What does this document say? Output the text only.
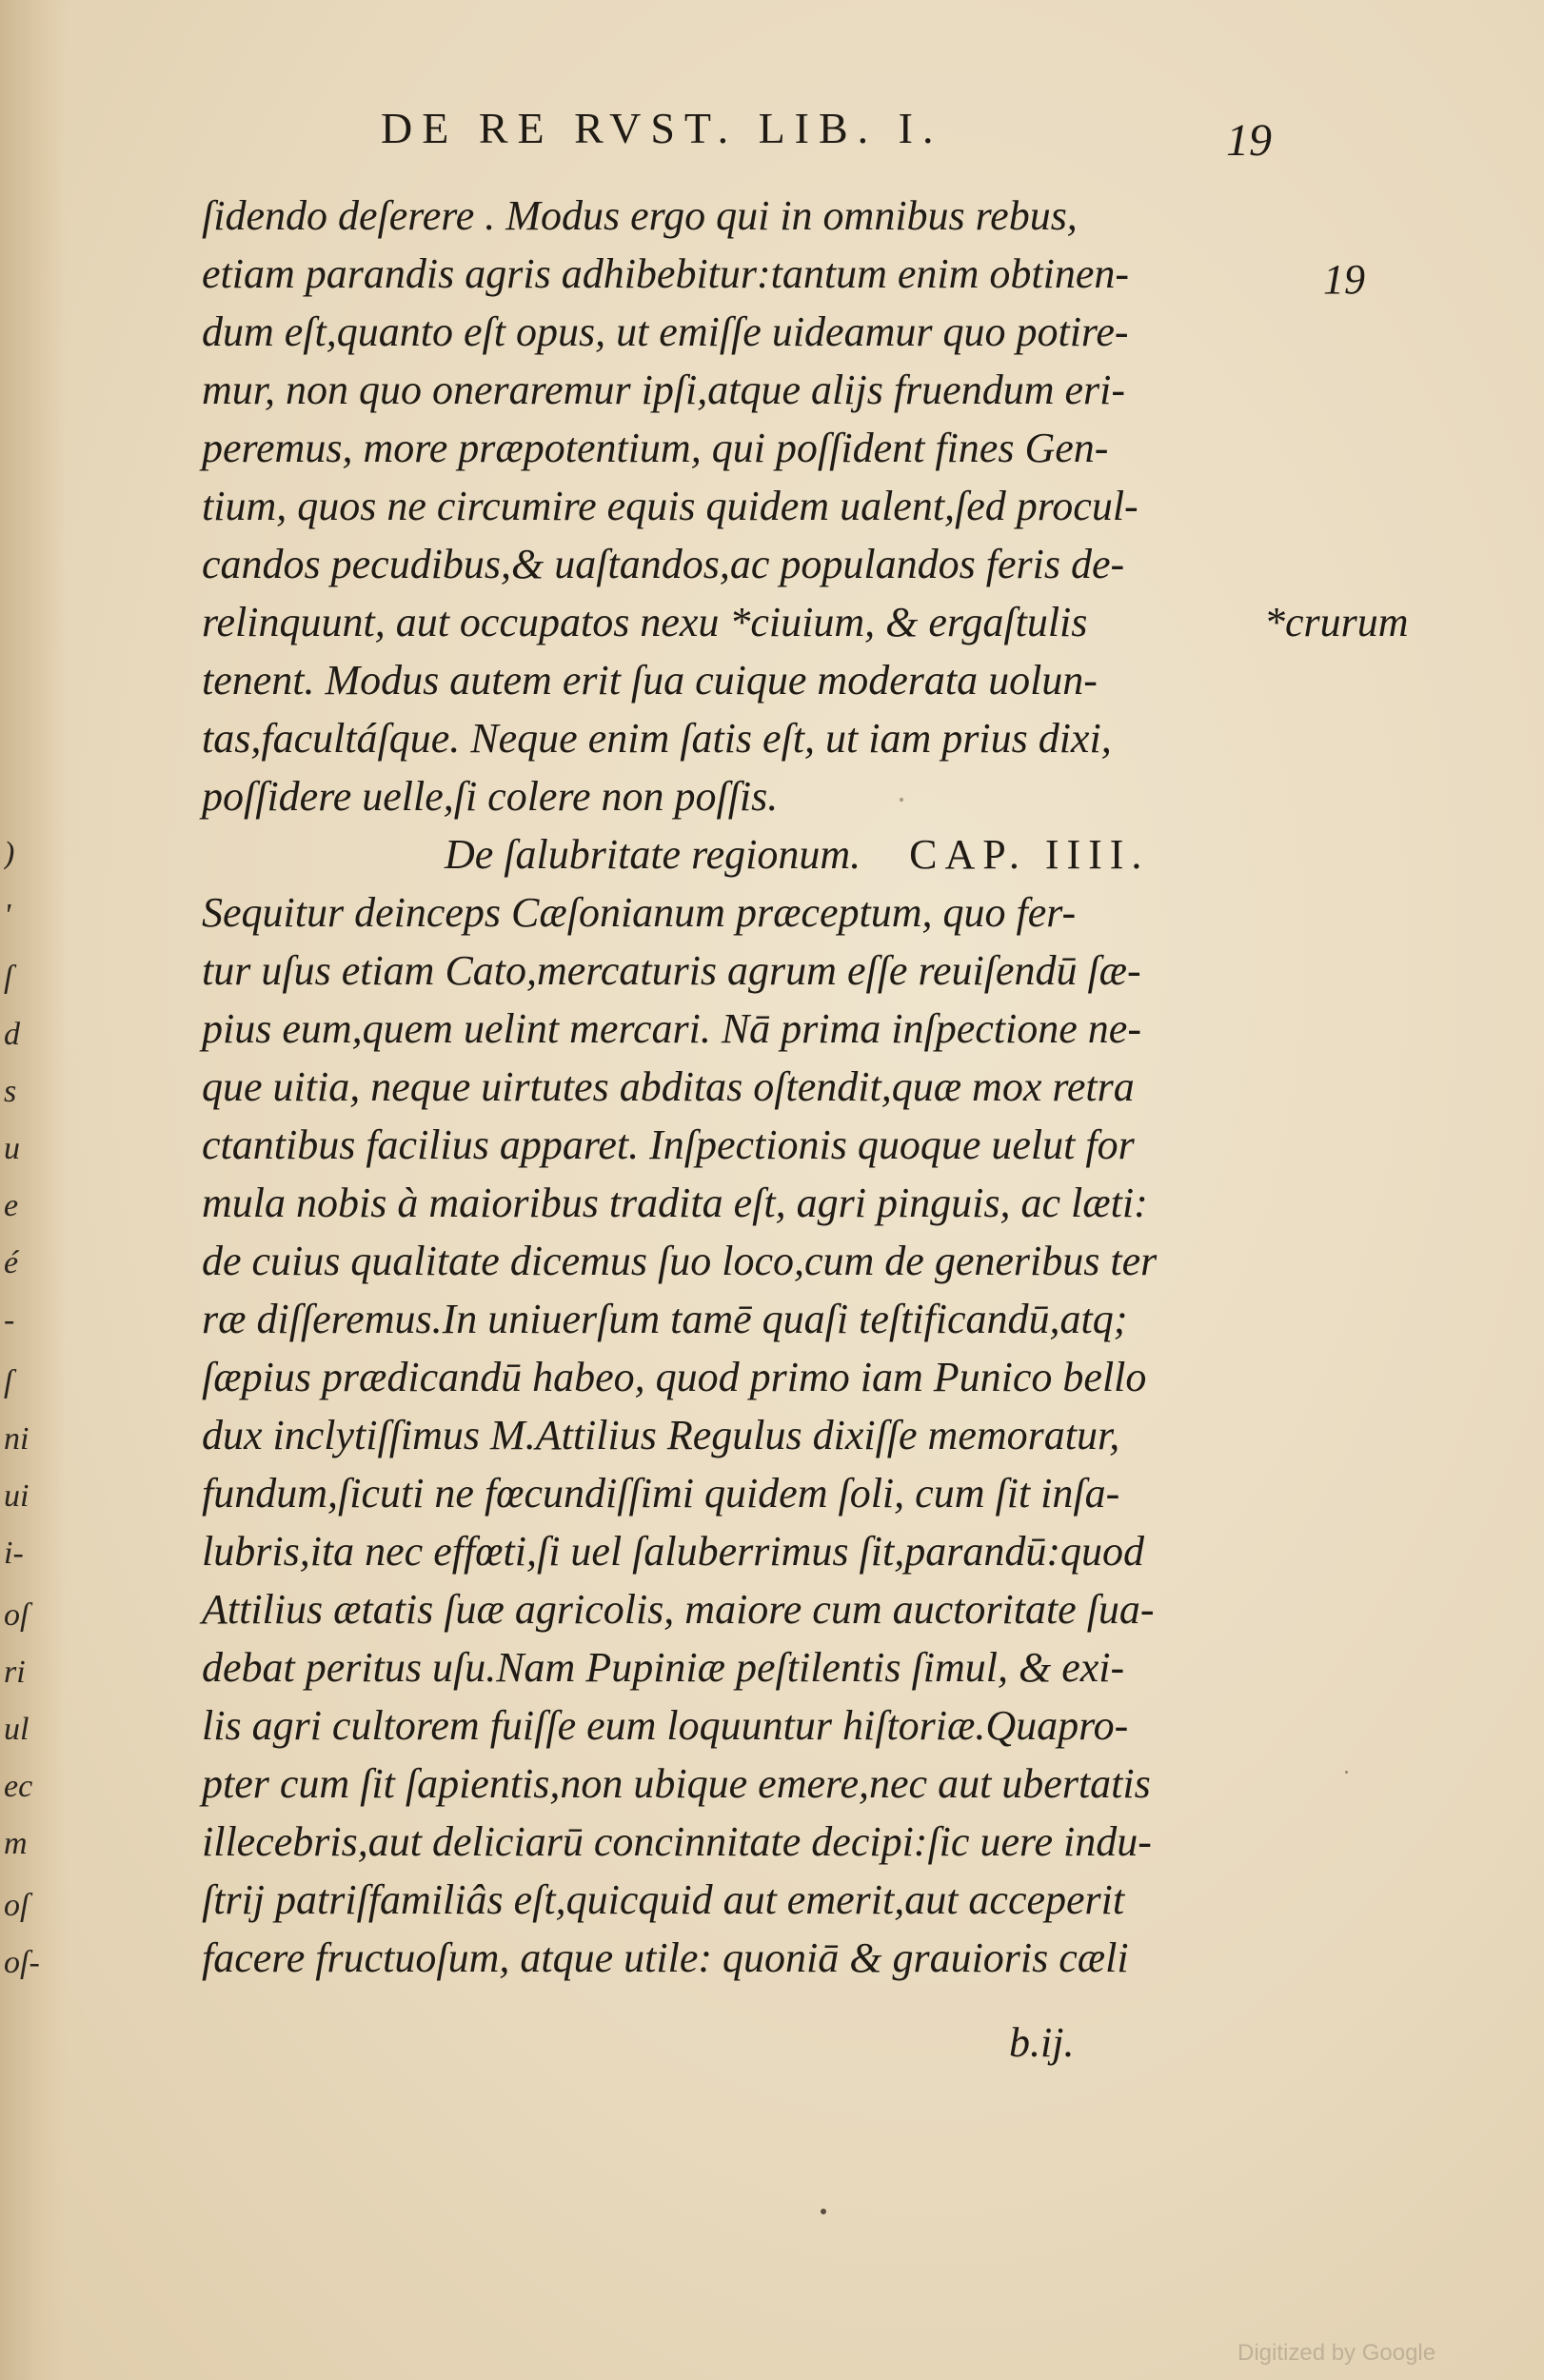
)
'
ſ
d
s
u
e
é
-
ſ
ni
ui
i-
oſ
ri
ul
ec
m
oſ
oſ-
DE RE RVST. LIB. I.	19
19
*crurum
ſidendo deſerere . Modus ergo qui in omnibus rebus,
etiam parandis agris adhibebitur:tantum enim obtinen-
dum eſt,quanto eſt opus, ut emiſſe uideamur quo potire-
mur, non quo oneraremur ipſi,atque aliјs fruendum eri-
peremus, more præpotentium, qui poſſident fines Gen-
tium, quos ne circumire equis quidem ualent,ſed procul-
candos pecudibus,& uaſtandos,ac populandos feris de-
relinquunt, aut occupatos nexu *ciuium, & ergaſtulis
tenent. Modus autem erit ſua cuique moderata uolun-
tas,facultáſque. Neque enim ſatis eſt, ut iam prius dixi,
poſſidere uelle,ſi colere non poſſis.
De ſalubritate regionum. CAP. IIII.
Sequitur deinceps Cæſonianum præceptum, quo fer-
tur uſus etiam Cato,mercaturis agrum eſſe reuiſendū ſæ-
pius eum,quem uelint mercari. Nā prima inſpectione ne-
que uitia, neque uirtutes abditas oſtendit,quæ mox retra
ctantibus facilius apparet. Inſpectionis quoque uelut for
mula nobis à maioribus tradita eſt, agri pinguis, ac læti:
de cuius qualitate dicemus ſuo loco,cum de generibus ter
ræ diſſeremus.In uniuerſum tamē quaſi teſtificandū,atq;
ſæpius prædicandū habeo, quod primo iam Punico bello
dux inclytiſſimus M.Attilius Regulus dixiſſe memoratur,
fundum,ſicuti ne fœcundiſſimi quidem ſoli, cum ſit inſa-
lubris,ita nec effœti,ſi uel ſaluberrimus ſit,parandū:quod
Attilius ætatis ſuæ agricolis, maiore cum auctoritate ſua-
debat peritus uſu.Nam Pupiniæ peſtilentis ſimul, & exi-
lis agri cultorem fuiſſe eum loquuntur hiſtoriæ.Quapro-
pter cum ſit ſapientis,non ubique emere,nec aut ubertatis
illecebris,aut deliciarū concinnitate decipi:ſic uere indu-
ſtriј patriſfamiliâs eſt,quicquid aut emerit,aut acceperit
facere fructuoſum, atque utile: quoniā & grauioris cæli
b.ij.
Digitized by Google
